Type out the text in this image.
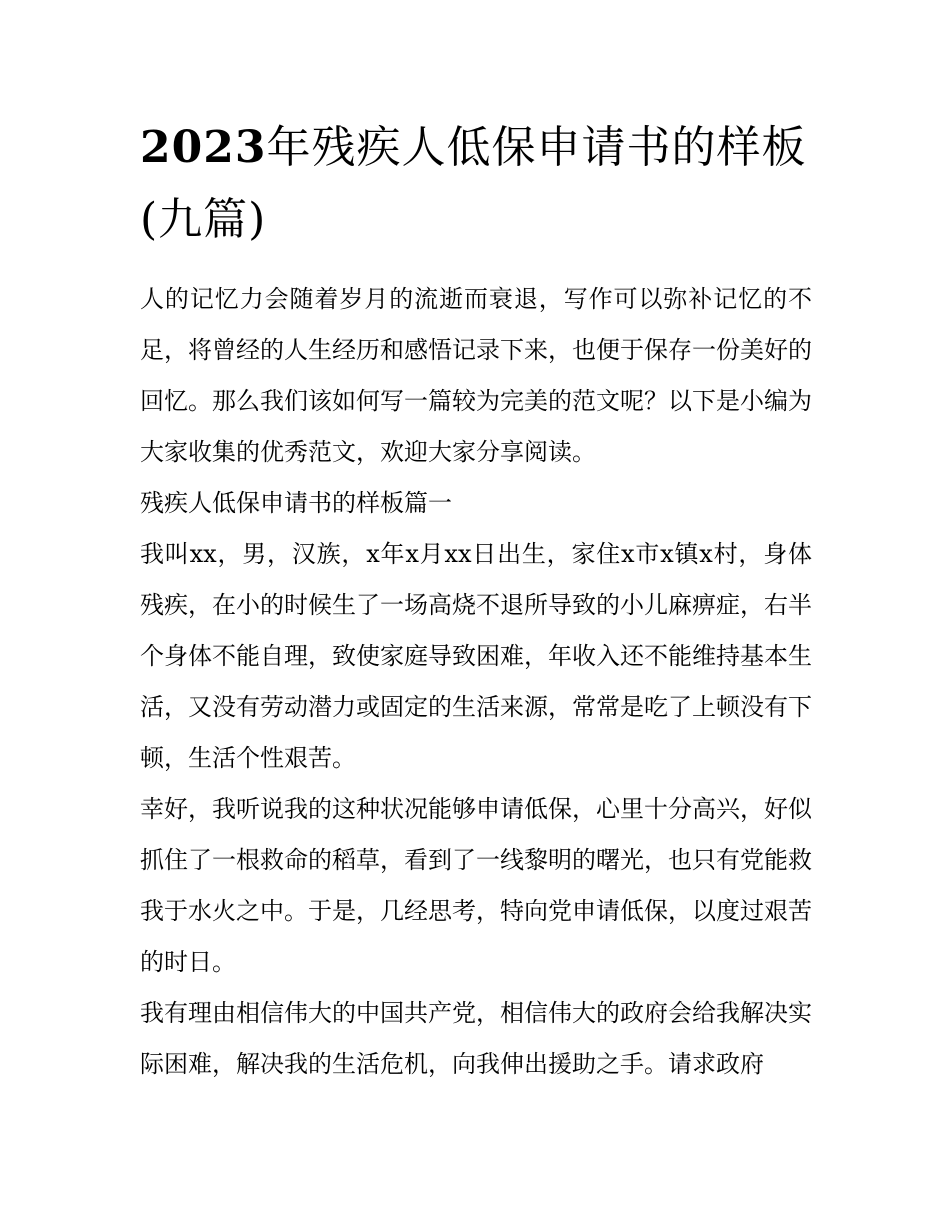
2023年残疾人低保申请书的样板(九篇)

人的记忆力会随着岁月的流逝而衰退，写作可以弥补记忆的不足，将曾经的人生经历和感悟记录下来，也便于保存一份美好的回忆。那么我们该如何写一篇较为完美的范文呢？以下是小编为大家收集的优秀范文，欢迎大家分享阅读。

残疾人低保申请书的样板篇一

我叫xx，男，汉族，x年x月xx日出生，家住x市x镇x村，身体残疾，在小的时候生了一场高烧不退所导致的小儿麻痹症，右半个身体不能自理，致使家庭导致困难，年收入还不能维持基本生活，又没有劳动潜力或固定的生活来源，常常是吃了上顿没有下顿，生活个性艰苦。

幸好，我听说我的这种状况能够申请低保，心里十分高兴，好似抓住了一根救命的稻草，看到了一线黎明的曙光，也只有党能救我于水火之中。于是，几经思考，特向党申请低保，以度过艰苦的时日。

我有理由相信伟大的中国共产党，相信伟大的政府会给我解决实际困难，解决我的生活危机，向我伸出援助之手。请求政府
